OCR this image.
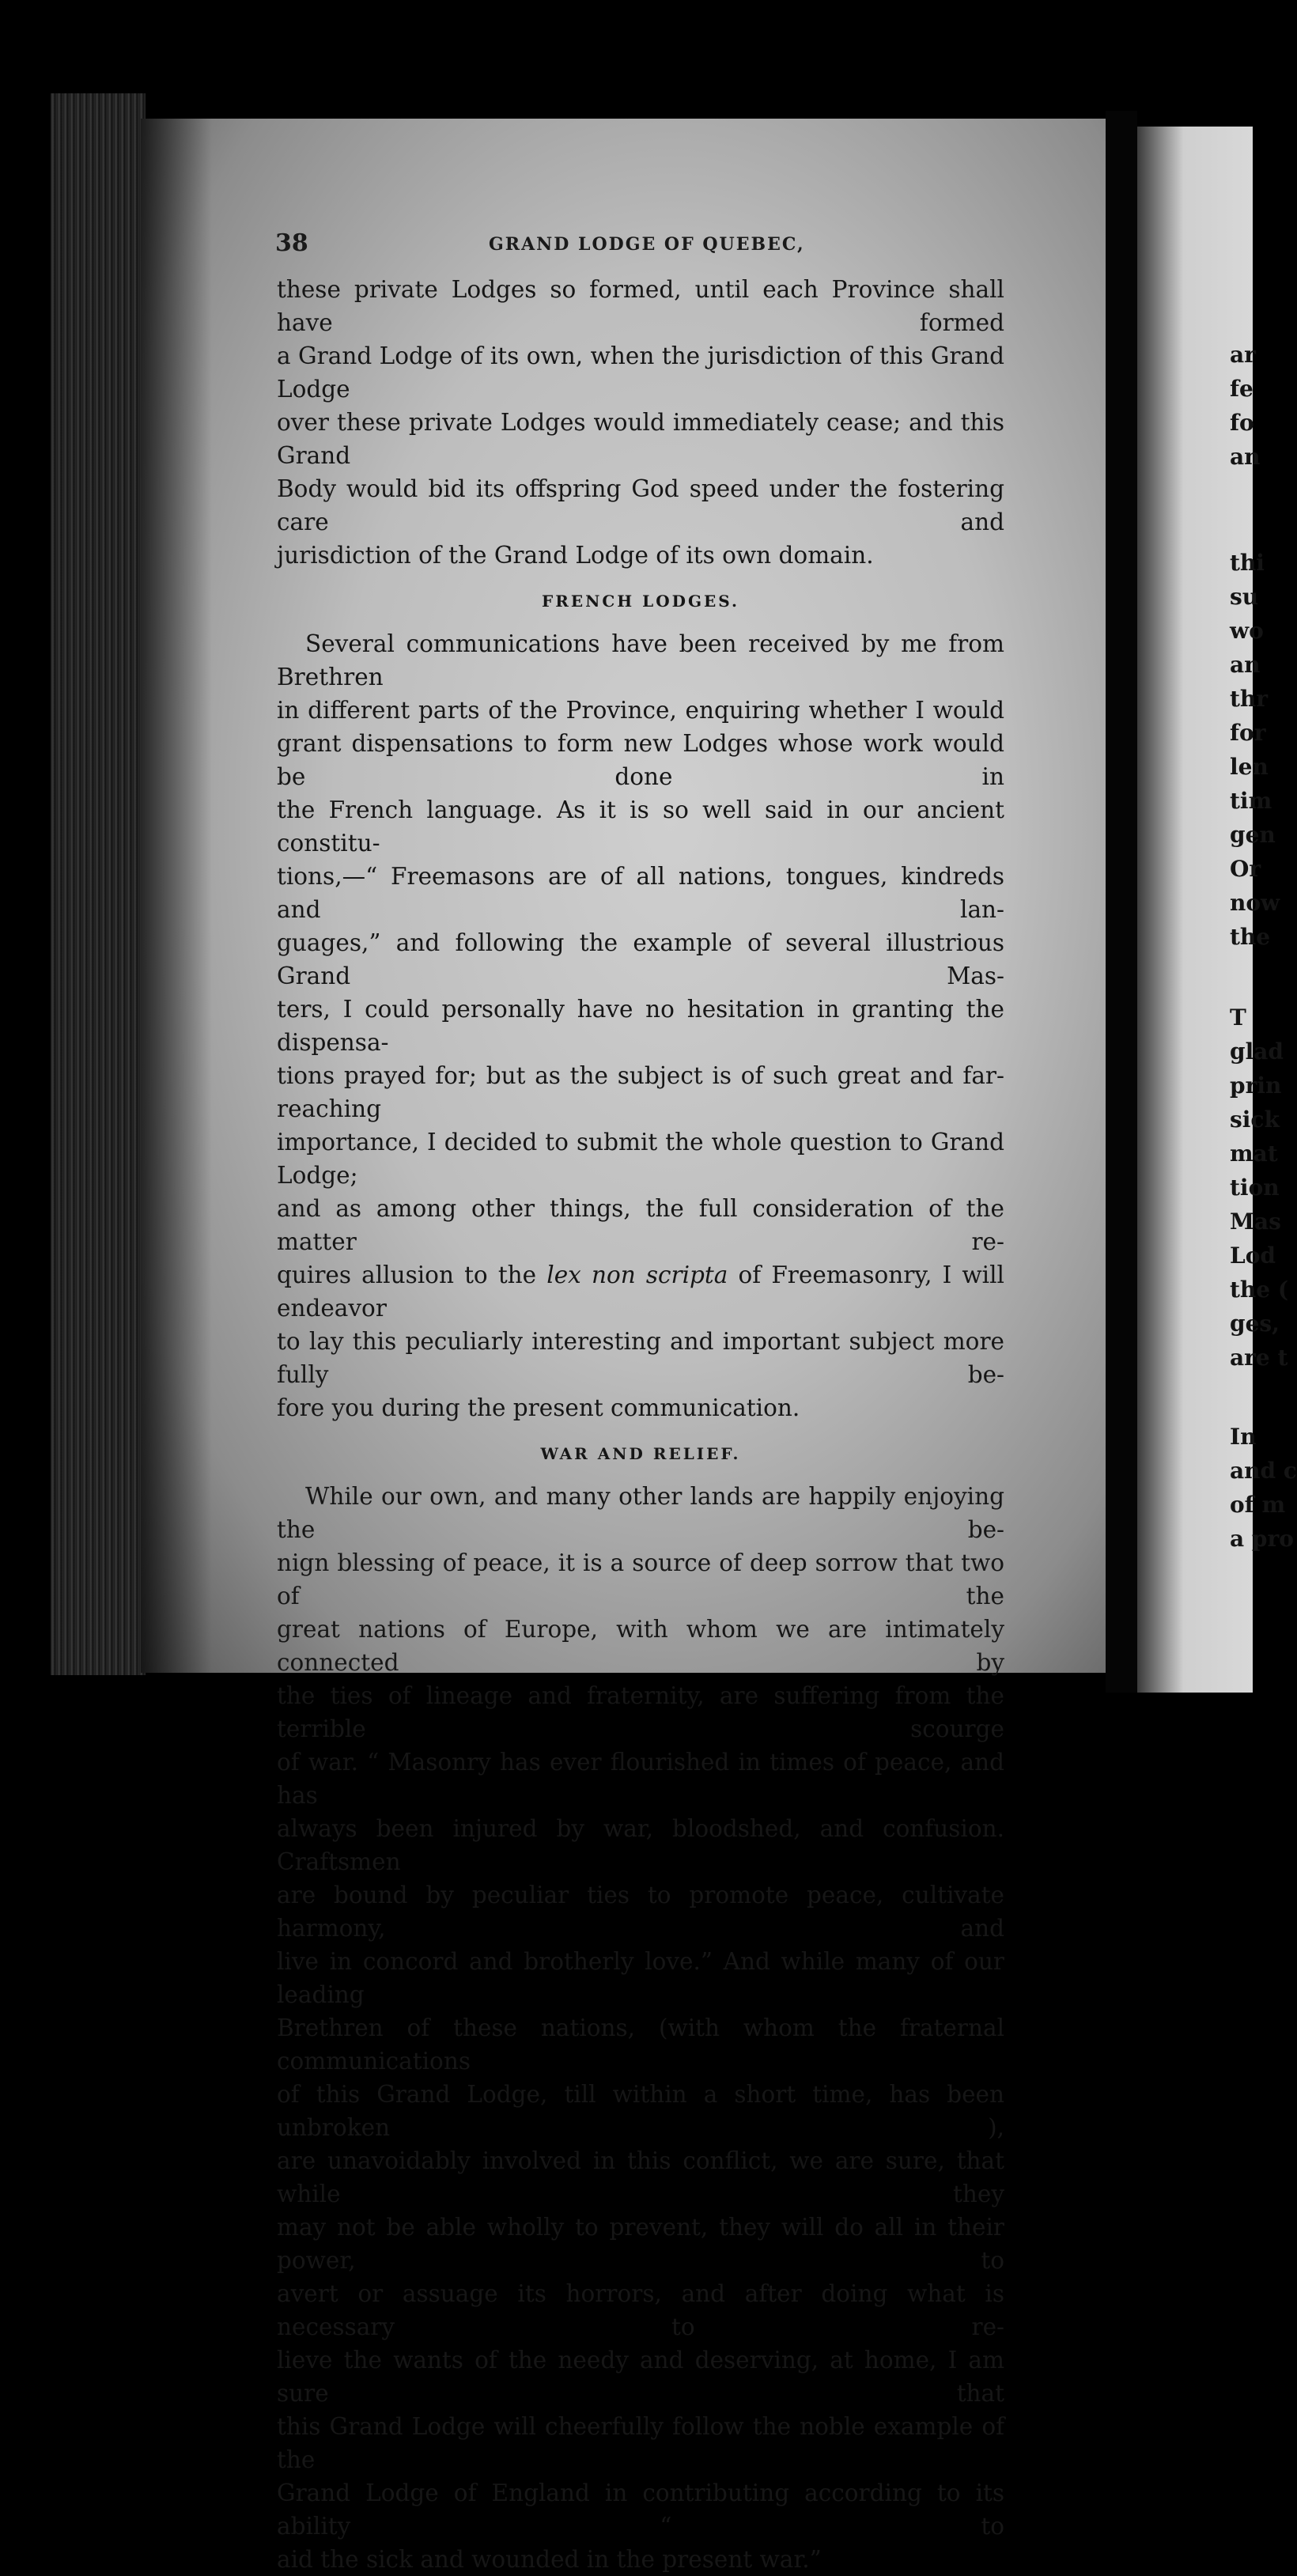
ar
fe
fo
an
thi
su
wo
an
thr
for
len
tim
gen
Or
now
the
T
glad
prin
sick
mat
tion
Mas
Lod
the (
ges,
are t
In
and c
of m
a pro
38	GRAND LODGE OF QUEBEC,
these private Lodges so formed, until each Province shall have formed
a Grand Lodge of its own, when the jurisdiction of this Grand Lodge
over these private Lodges would immediately cease; and this Grand
Body would bid its offspring God speed under the fostering care and
jurisdiction of the Grand Lodge of its own domain.
FRENCH LODGES.
Several communications have been received by me from Brethren
in different parts of the Province, enquiring whether I would
grant dispensations to form new Lodges whose work would be done in
the French language. As it is so well said in our ancient constitu-
tions,—“ Freemasons are of all nations, tongues, kindreds and lan-
guages,” and following the example of several illustrious Grand Mas-
ters, I could personally have no hesitation in granting the dispensa-
tions prayed for; but as the subject is of such great and far-reaching
importance, I decided to submit the whole question to Grand Lodge;
and as among other things, the full consideration of the matter re-
quires allusion to the lex non scripta of Freemasonry, I will endeavor
to lay this peculiarly interesting and important subject more fully be-
fore you during the present communication.
WAR AND RELIEF.
While our own, and many other lands are happily enjoying the be-
nign blessing of peace, it is a source of deep sorrow that two of the
great nations of Europe, with whom we are intimately connected by
the ties of lineage and fraternity, are suffering from the terrible scourge
of war. “ Masonry has ever flourished in times of peace, and has
always been injured by war, bloodshed, and confusion. Craftsmen
are bound by peculiar ties to promote peace, cultivate harmony, and
live in concord and brotherly love.” And while many of our leading
Brethren of these nations, (with whom the fraternal communications
of this Grand Lodge, till within a short time, has been unbroken ),
are unavoidably involved in this conflict, we are sure, that while they
may not be able wholly to prevent, they will do all in their power, to
avert or assuage its horrors, and after doing what is necessary to re-
lieve the wants of the needy and deserving, at home, I am sure that
this Grand Lodge will cheerfully follow the noble example of the
Grand Lodge of England in contributing according to its ability “ to
aid the sick and wounded in the present war.”
